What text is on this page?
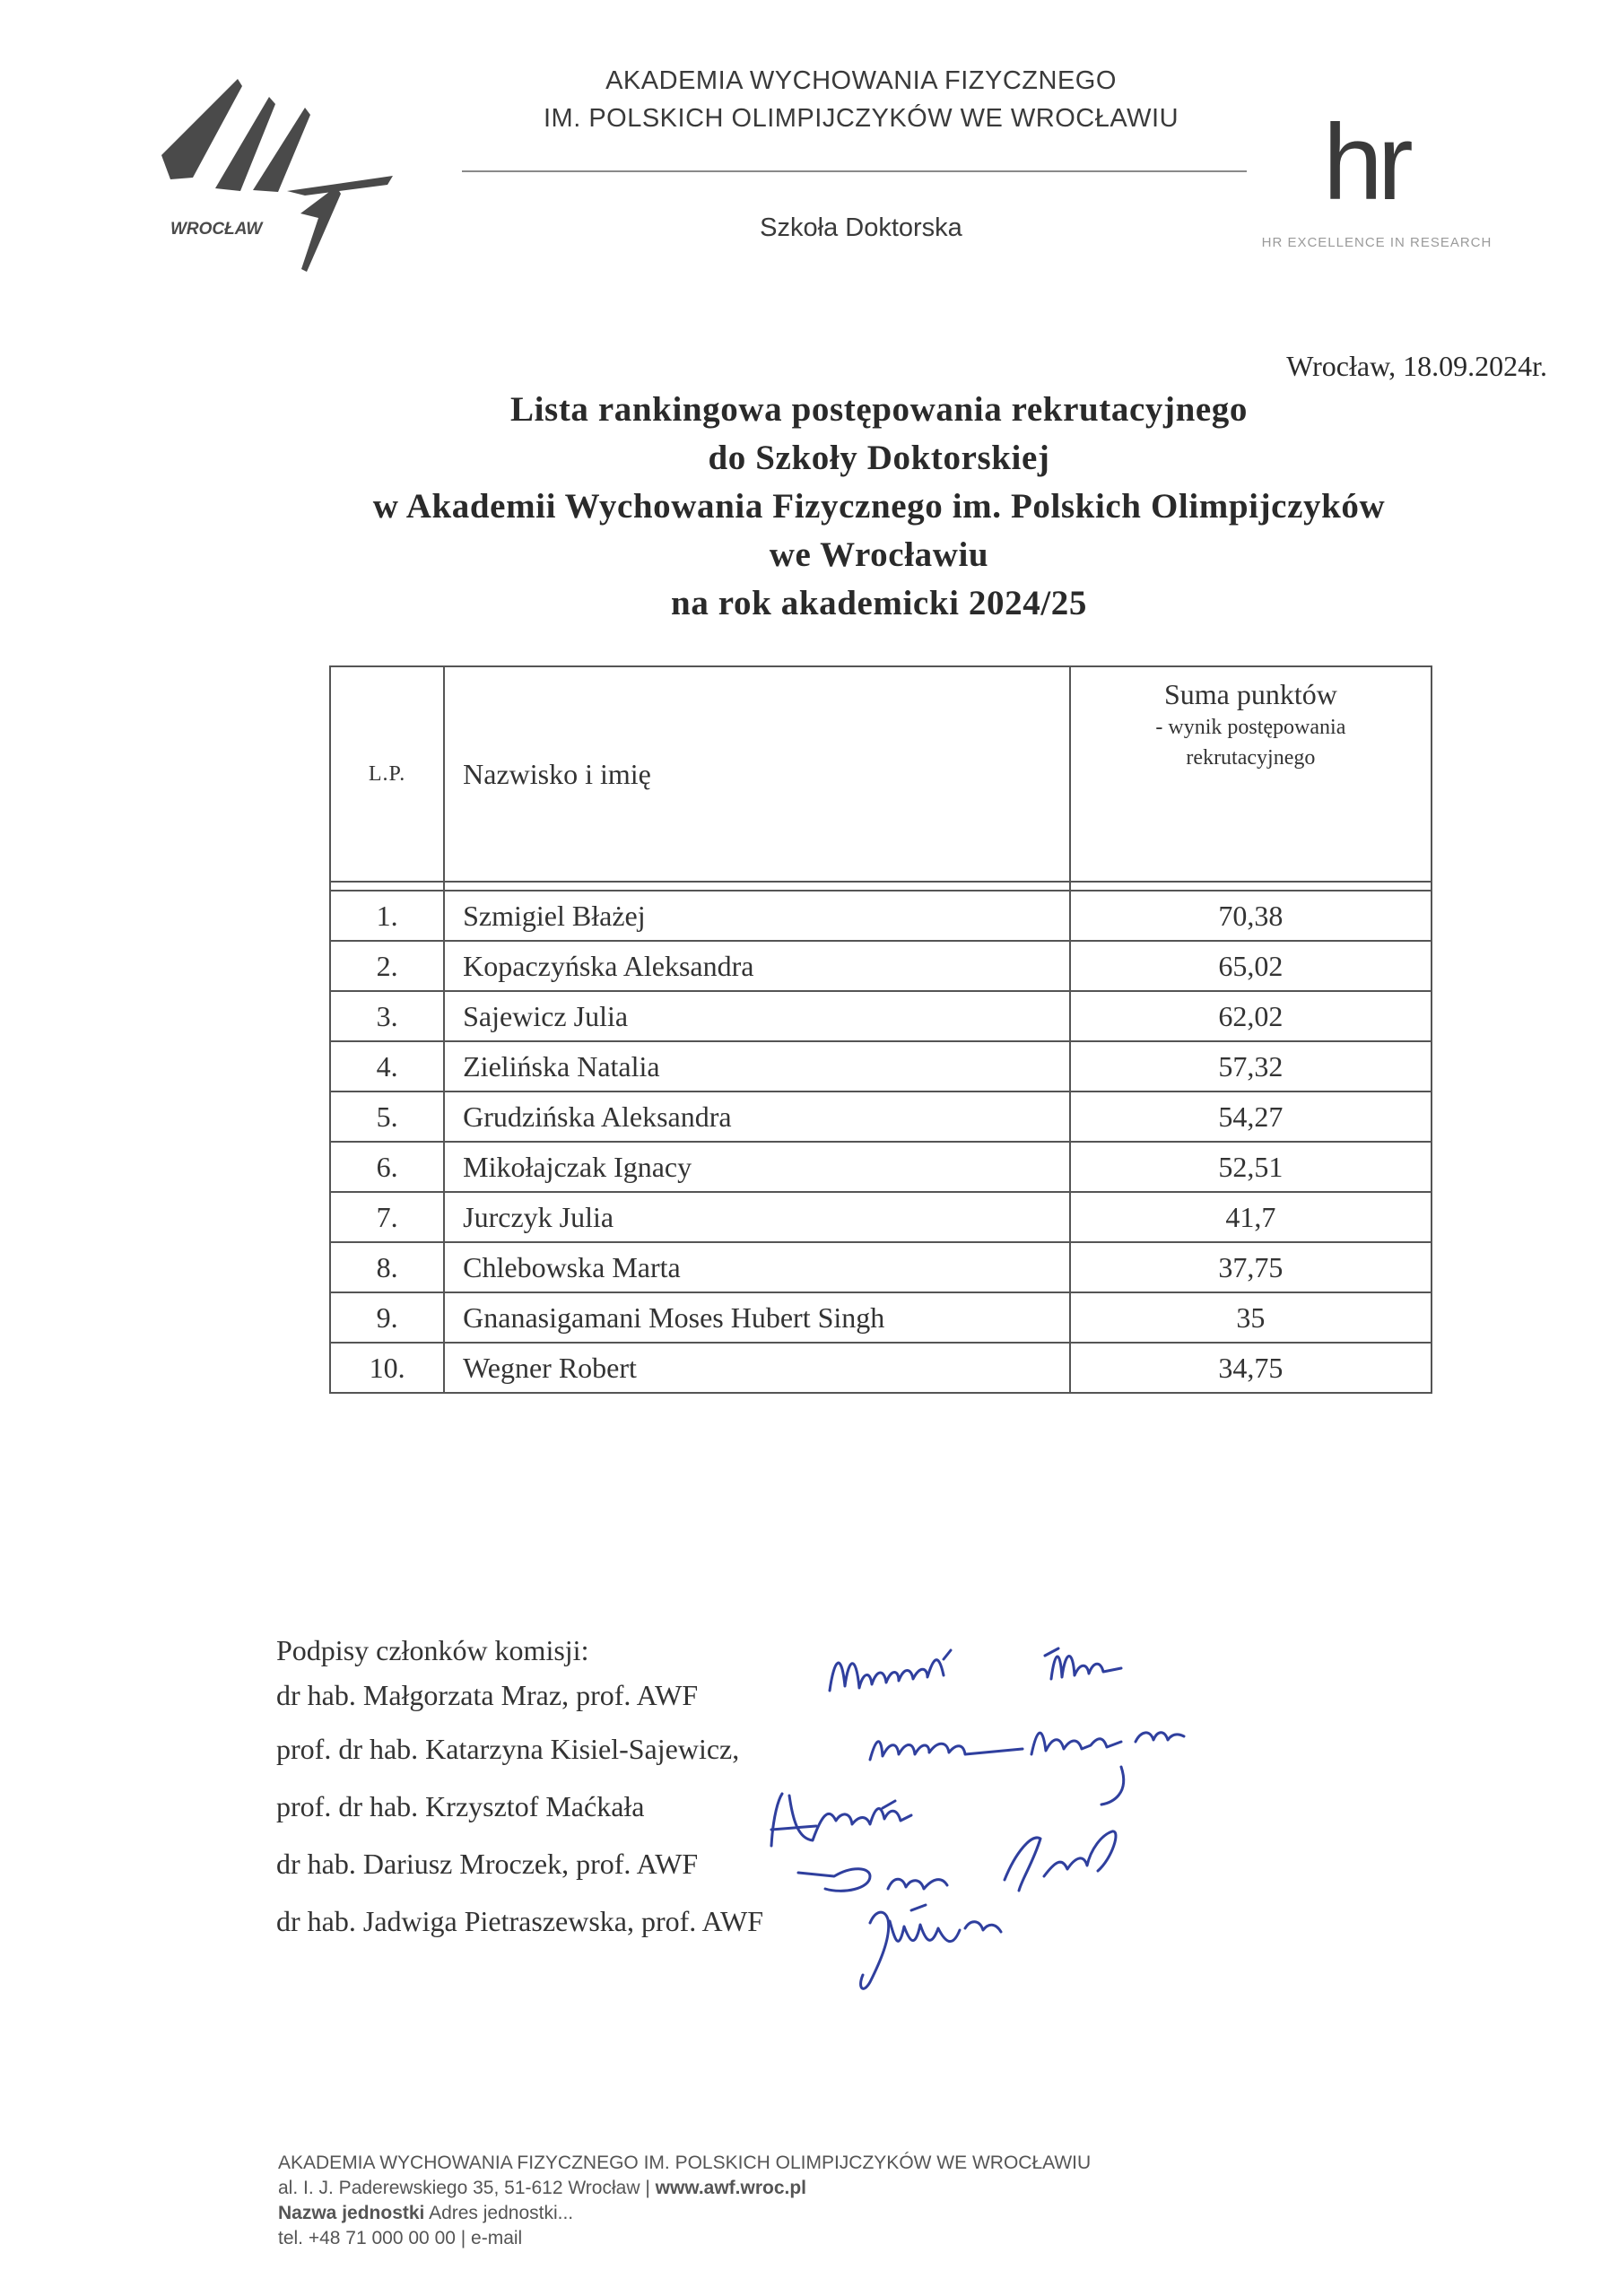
WROCŁAW
AKADEMIA WYCHOWANIA FIZYCZNEGO
IM. POLSKICH OLIMPIJCZYKÓW WE WROCŁAWIU
Szkoła Doktorska
hr
HR EXCELLENCE IN RESEARCH
Wrocław, 18.09.2024r.
Lista rankingowa postępowania rekrutacyjnego
do Szkoły Doktorskiej
w Akademii Wychowania Fizycznego im. Polskich Olimpijczyków
we Wrocławiu
na rok akademicki 2024/25
L.P.	Nazwisko i imię	Suma punktów
- wynik postępowania
rekrutacyjnego

1.	Szmigiel Błażej	70,38
2.	Kopaczyńska Aleksandra	65,02
3.	Sajewicz Julia	62,02
4.	Zielińska Natalia	57,32
5.	Grudzińska Aleksandra	54,27
6.	Mikołajczak Ignacy	52,51
7.	Jurczyk Julia	41,7
8.	Chlebowska Marta	37,75
9.	Gnanasigamani Moses Hubert Singh	35
10.	Wegner Robert	34,75
Podpisy członków komisji:
dr hab. Małgorzata Mraz, prof. AWF
prof. dr hab. Katarzyna Kisiel-Sajewicz,
prof. dr hab. Krzysztof Maćkała
dr hab. Dariusz Mroczek, prof. AWF
dr hab. Jadwiga Pietraszewska, prof. AWF
AKADEMIA WYCHOWANIA FIZYCZNEGO IM. POLSKICH OLIMPIJCZYKÓW WE WROCŁAWIU
al. I. J. Paderewskiego 35, 51-612 Wrocław | www.awf.wroc.pl
Nazwa jednostki Adres jednostki...
tel. +48 71 000 00 00 | e-mail
